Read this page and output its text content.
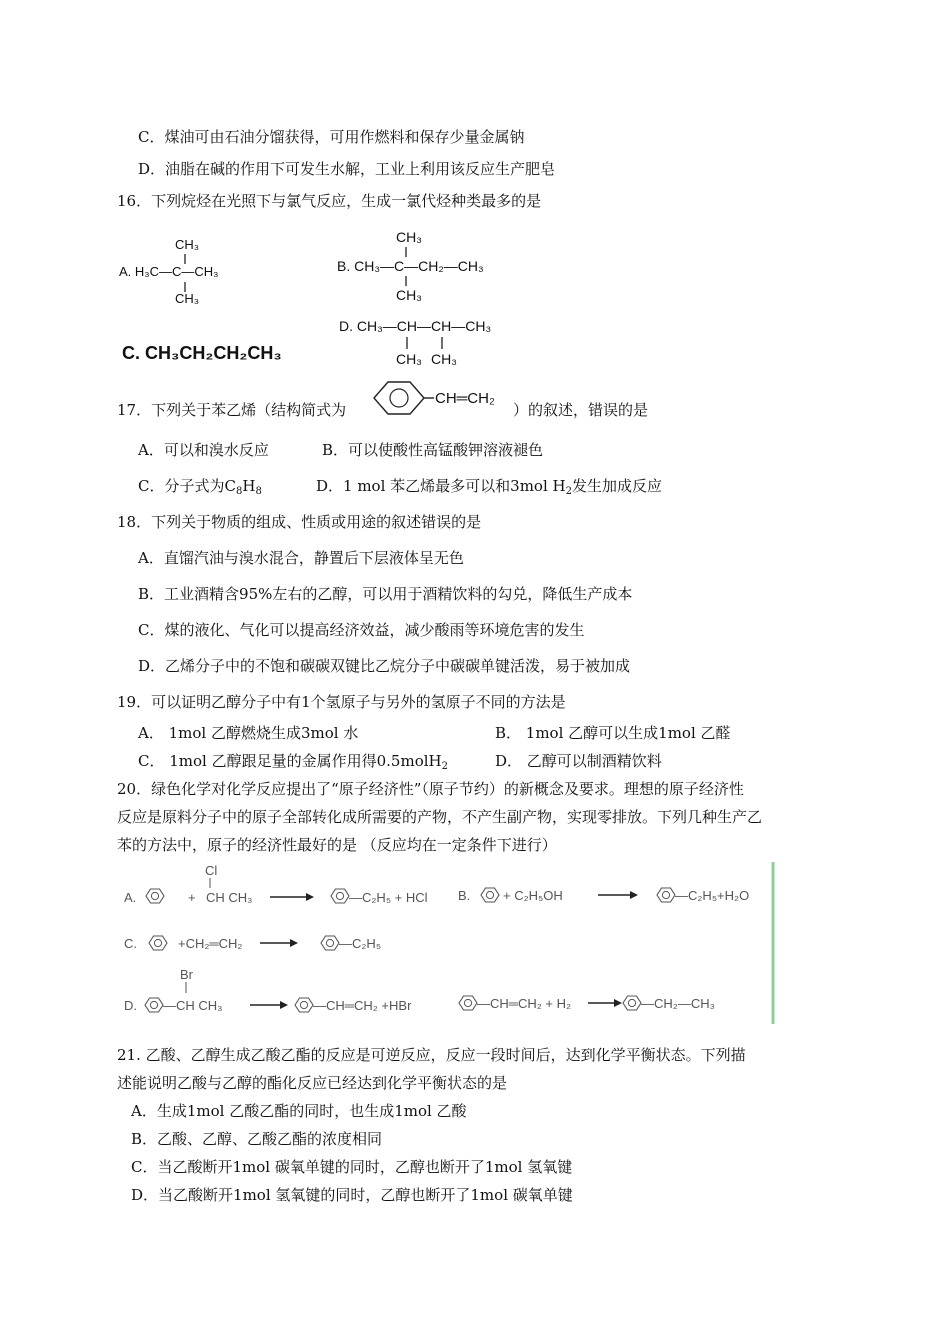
C．煤油可由石油分馏获得，可用作燃料和保存少量金属钠
D．油脂在碱的作用下可发生水解，工业上利用该反应生产肥皂
16．下列烷烃在光照下与氯气反应，生成一氯代烃种类最多的是
CH₃
A. H₃C—C—CH₃
CH₃
CH₃
B. CH₃—C—CH₂—CH₃
CH₃
C. CH₃CH₂CH₂CH₃
D. CH₃—CH—CH—CH₃
CH₃ CH₃
17．下列关于苯乙烯（结构简式为
CH═CH₂
）的叙述，错误的是
A．可以和溴水反应	B．可以使酸性高锰酸钾溶液褪色
C．分子式为$C_8H_8$	D．1 mol 苯乙烯最多可以和3mol $H_2$发生加成反应
18．下列关于物质的组成、性质或用途的叙述错误的是
A．直馏汽油与溴水混合，静置后下层液体呈无色
B．工业酒精含95%左右的乙醇，可以用于酒精饮料的勾兑，降低生产成本
C．煤的液化、气化可以提高经济效益，减少酸雨等环境危害的发生
D．乙烯分子中的不饱和碳碳双键比乙烷分子中碳碳单键活泼，易于被加成
19．可以证明乙醇分子中有1个氢原子与另外的氢原子不同的方法是
A． 1mol 乙醇燃烧生成3mol 水	B． 1mol 乙醇可以生成1mol 乙醛
C． 1mol 乙醇跟足量的金属作用得0.5molH$_2$	D． 乙醇可以制酒精饮料
20．绿色化学对化学反应提出了“原子经济性”（原子节约）的新概念及要求。理想的原子经济性
反应是原料分子中的原子全部转化成所需要的产物，不产生副产物，实现零排放。下列几种生产乙
苯的方法中，原子的经济性最好的是 （反应均在一定条件下进行）
A.	+
Cl
CH CH₃	—C₂H₅ + HCl B.	+ C₂H₅OH	—C₂H₅+H₂O
C.	+CH₂═CH₂	—C₂H₅
D.
Br
—CH CH₃	—CH═CH₂ +HBr	—CH═CH₂ + H₂	—CH₂—CH₃
21. 乙酸、乙醇生成乙酸乙酯的反应是可逆反应，反应一段时间后，达到化学平衡状态。下列描
述能说明乙酸与乙醇的酯化反应已经达到化学平衡状态的是
A．生成1mol 乙酸乙酯的同时，也生成1mol 乙酸
B．乙酸、乙醇、乙酸乙酯的浓度相同
C．当乙酸断开1mol 碳氧单键的同时，乙醇也断开了1mol 氢氧键
D．当乙酸断开1mol 氢氧键的同时，乙醇也断开了1mol 碳氧单键
